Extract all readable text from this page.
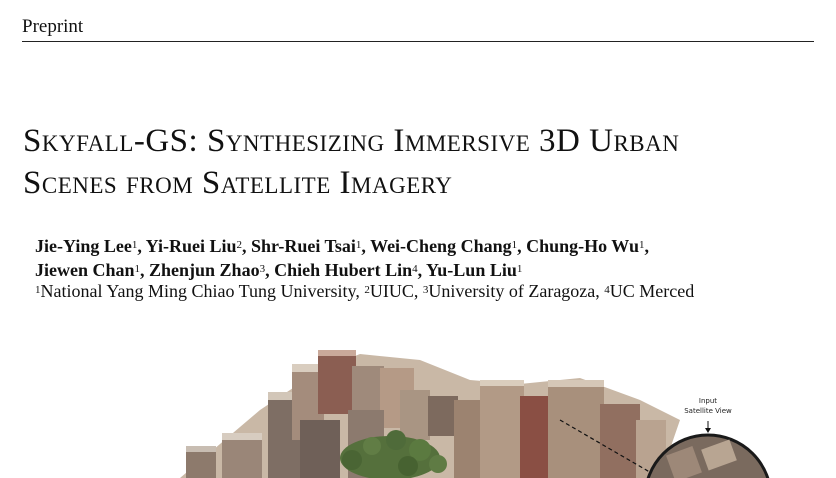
Preprint
Skyfall-GS: Synthesizing Immersive 3D Urban
Scenes from Satellite Imagery
Jie-Ying Lee$^1$, Yi-Ruei Liu$^2$, Shr-Ruei Tsai$^1$, Wei-Cheng Chang$^1$, Chung-Ho Wu$^1$,
Jiewen Chan$^1$, Zhenjun Zhao$^3$, Chieh Hubert Lin$^4$, Yu-Lun Liu$^1$
$^1$National Yang Ming Chiao Tung University, $^2$UIUC, $^3$University of Zaragoza, $^4$UC Merced
Input
Satellite View
